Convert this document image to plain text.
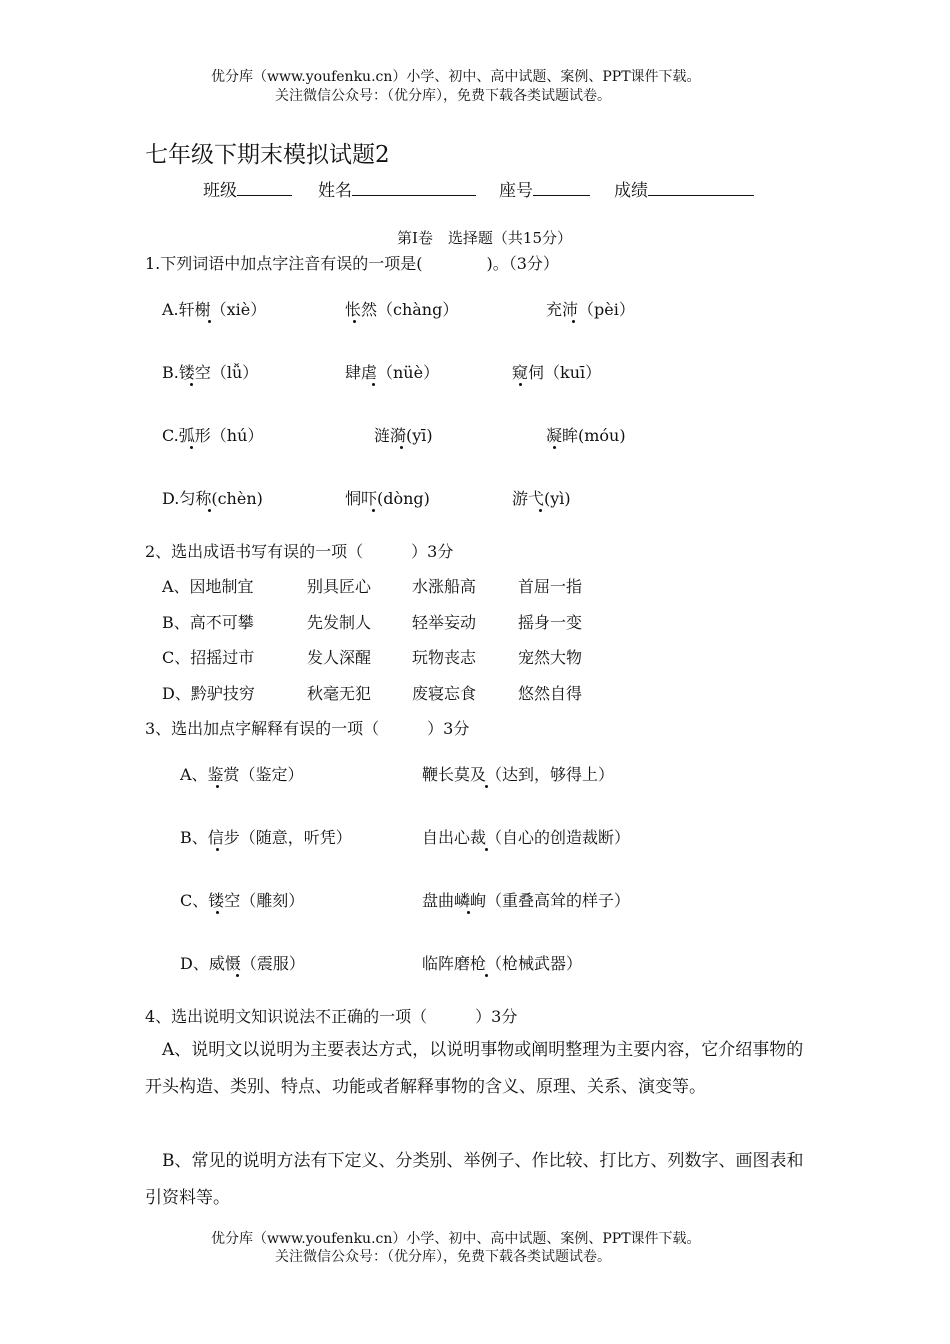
优分库（www.youfenku.cn）小学、初中、高中试题、案例、PPT课件下载。
关注微信公众号：（优分库），免费下载各类试题试卷。
七年级下期末模拟试题2
班级	姓名	座号	成绩
第Ⅰ卷　选择题（共15分）
1.下列词语中加点字注音有误的一项是(　　　　)。（3分）
A.轩榭（xiè）	怅然（chàng）	充沛（pèi）
B.镂空（lǚ）	肆虐（nüè）	窥伺（kuī）
C.弧形（hú）	涟漪(yī)	凝眸(móu)
D.匀称(chèn)	恫吓(dòng)	游弋(yì)
2、选出成语书写有误的一项（　　　）3分
A、因地制宜	别具匠心	水涨船高	首屈一指
B、高不可攀	先发制人	轻举妄动	摇身一变
C、招摇过市	发人深醒	玩物丧志	宠然大物
D、黔驴技穷	秋毫无犯	废寝忘食	悠然自得
3、选出加点字解释有误的一项（　　　）3分
A、鉴赏（鉴定）	鞭长莫及（达到，够得上）
B、信步（随意，听凭）	自出心裁（自心的创造裁断）
C、镂空（雕刻）	盘曲嶙峋（重叠高耸的样子）
D、威慑（震服）	临阵磨枪（枪械武器）
4、选出说明文知识说法不正确的一项（　　　）3分
A、说明文以说明为主要表达方式，以说明事物或阐明整理为主要内容，它介绍事物的开头构造、类别、特点、功能或者解释事物的含义、原理、关系、演变等。
B、常见的说明方法有下定义、分类别、举例子、作比较、打比方、列数字、画图表和引资料等。
优分库（www.youfenku.cn）小学、初中、高中试题、案例、PPT课件下载。
关注微信公众号：（优分库），免费下载各类试题试卷。
